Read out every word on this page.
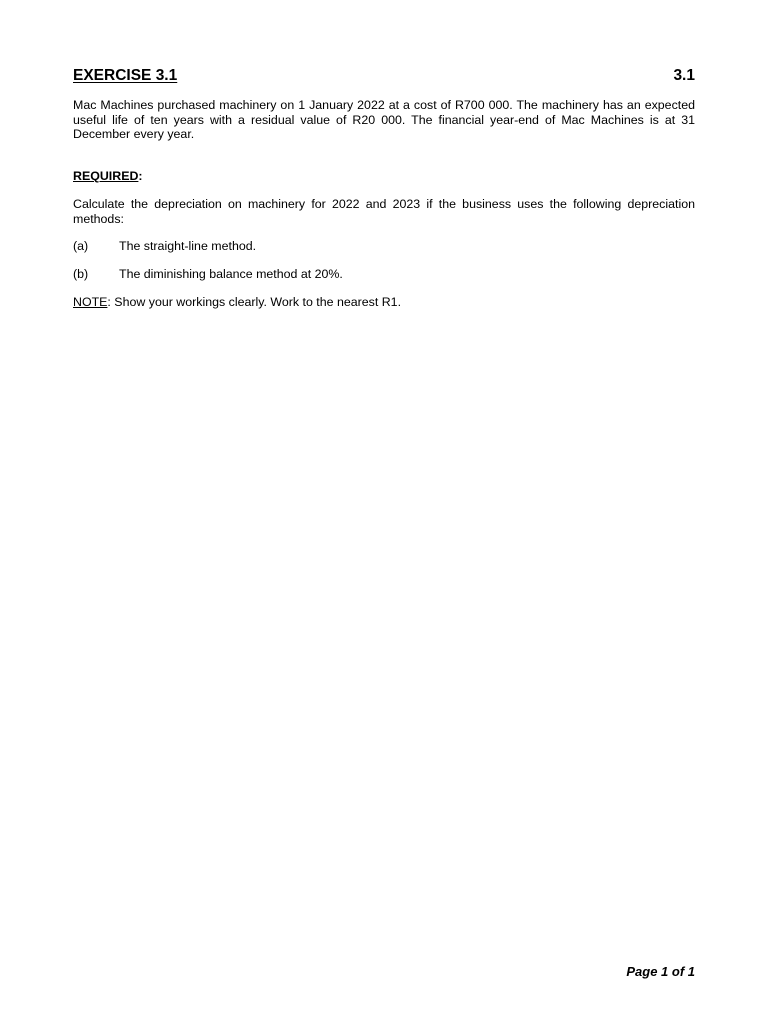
EXERCISE 3.1	3.1

Mac Machines purchased machinery on 1 January 2022 at a cost of R700 000. The machinery has an expected useful life of ten years with a residual value of R20 000. The financial year-end of Mac Machines is at 31 December every year.

REQUIRED:

Calculate the depreciation on machinery for 2022 and 2023 if the business uses the following depreciation methods:

(a)	The straight-line method.
(b)	The diminishing balance method at 20%.
NOTE: Show your workings clearly. Work to the nearest R1.
Page 1 of 1
